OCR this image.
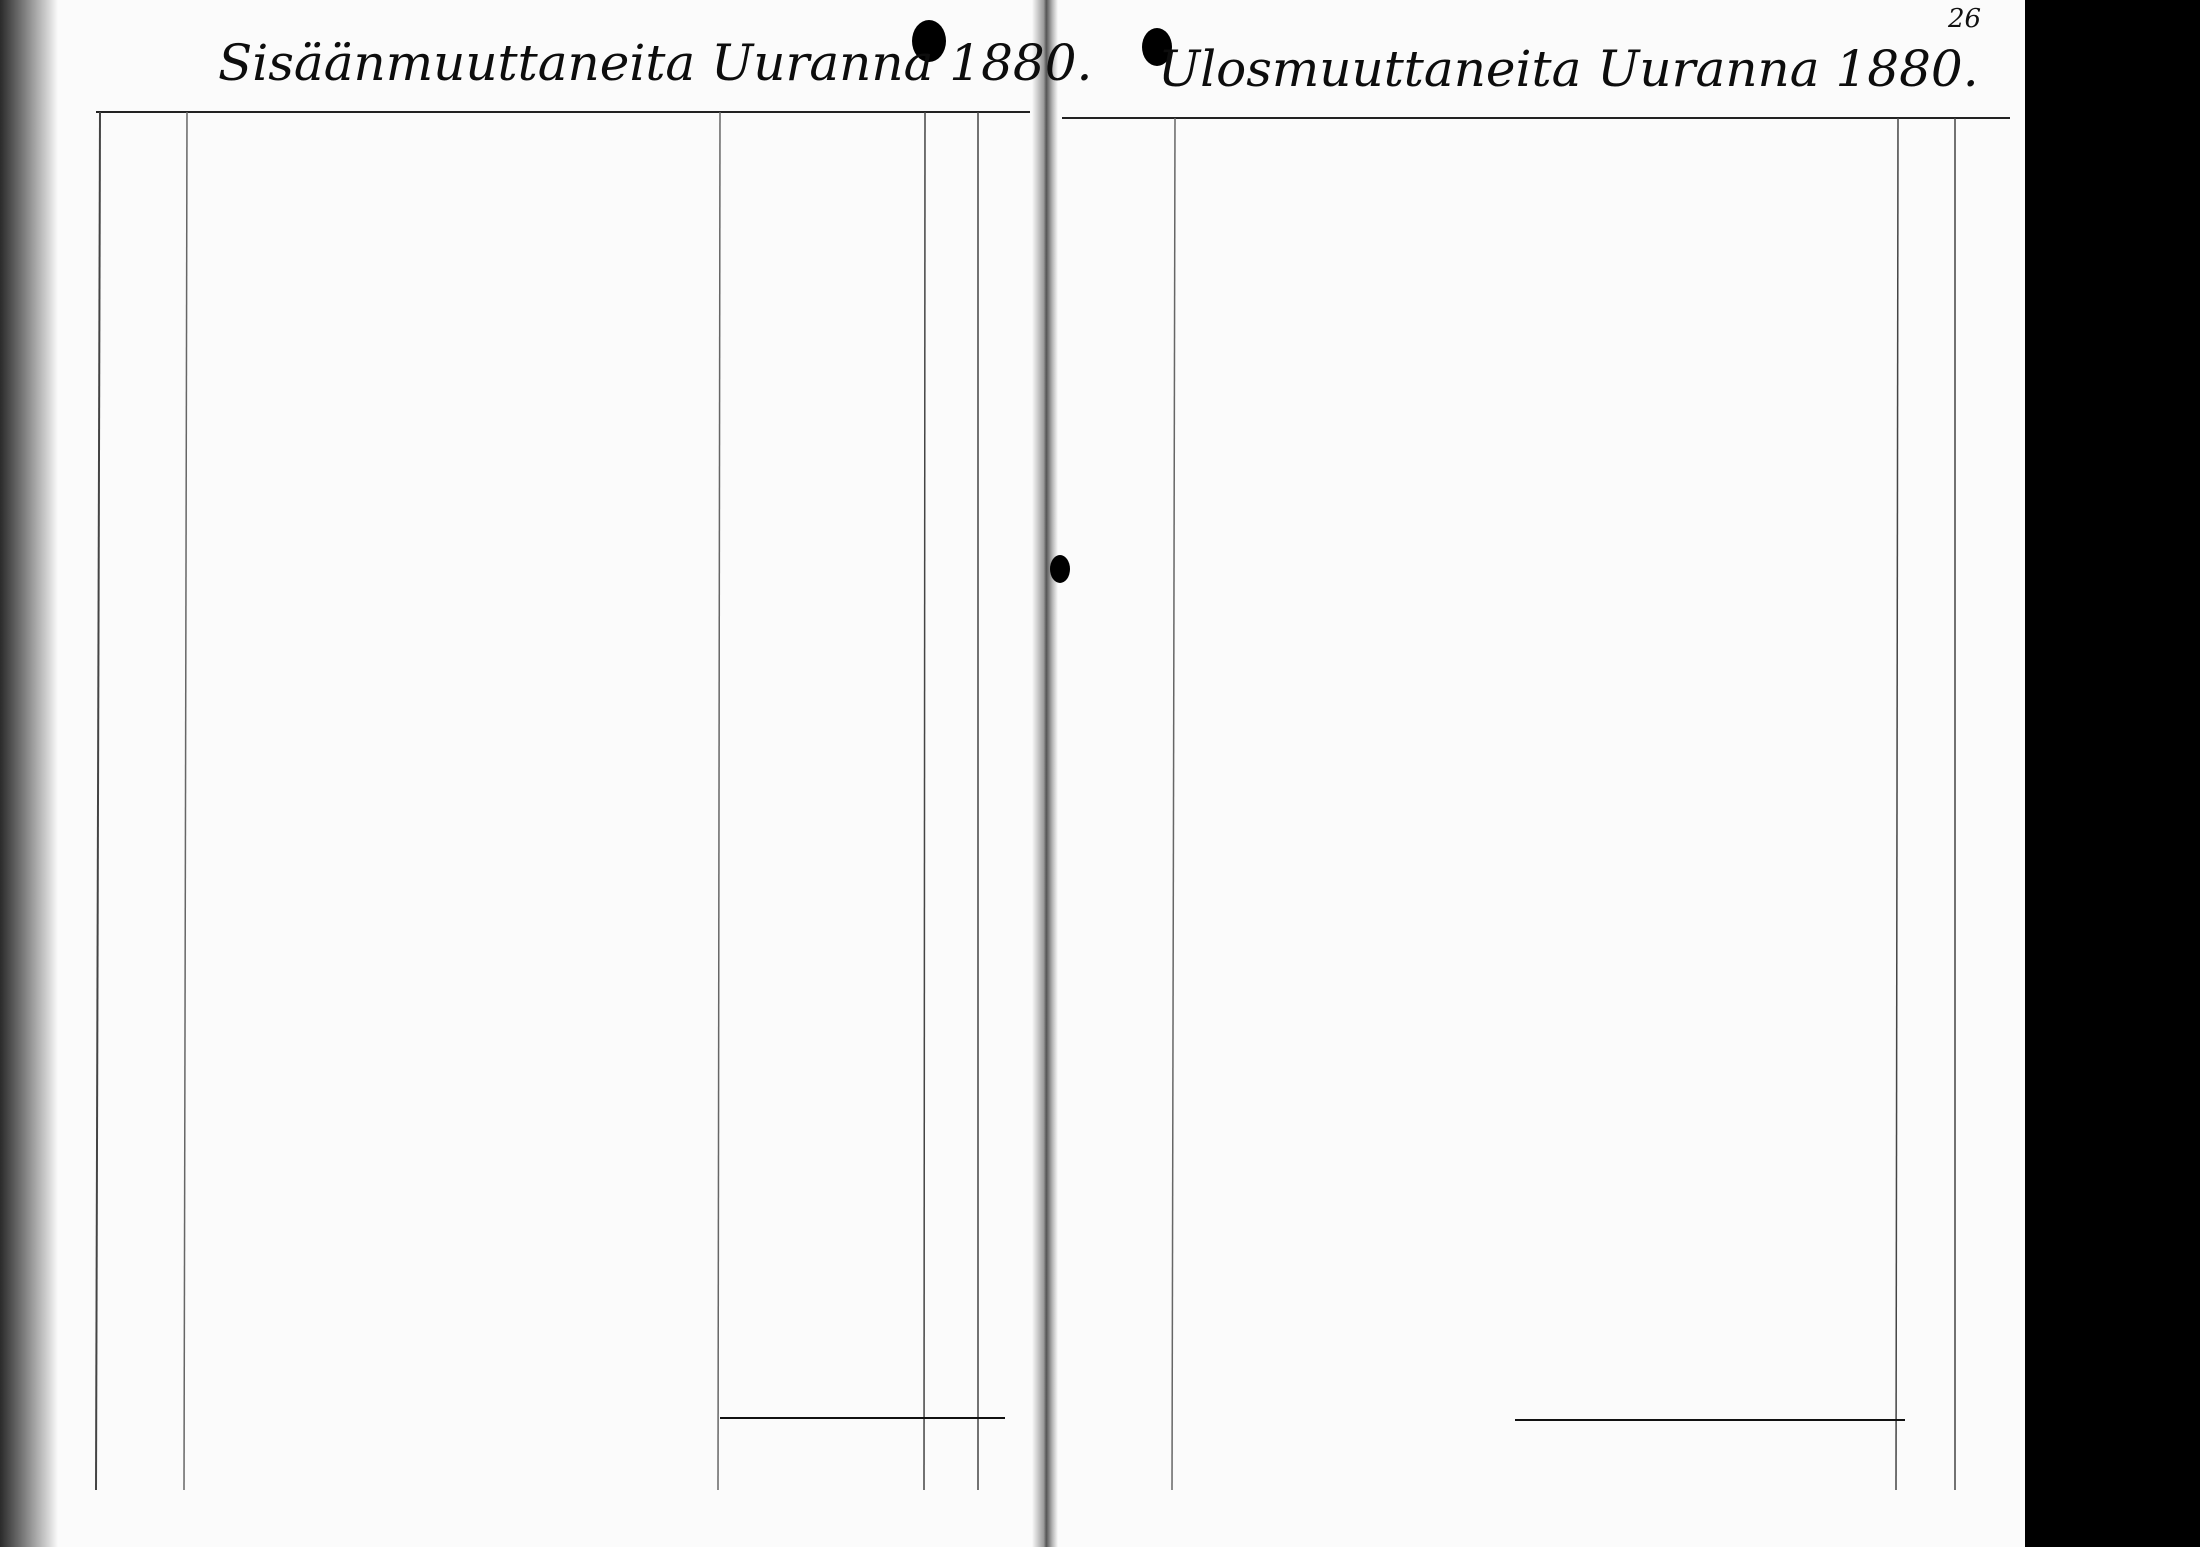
Sisäänmuuttaneita Uuranna 1880. Ulosmuuttaneita Uuranna 1880.
26
